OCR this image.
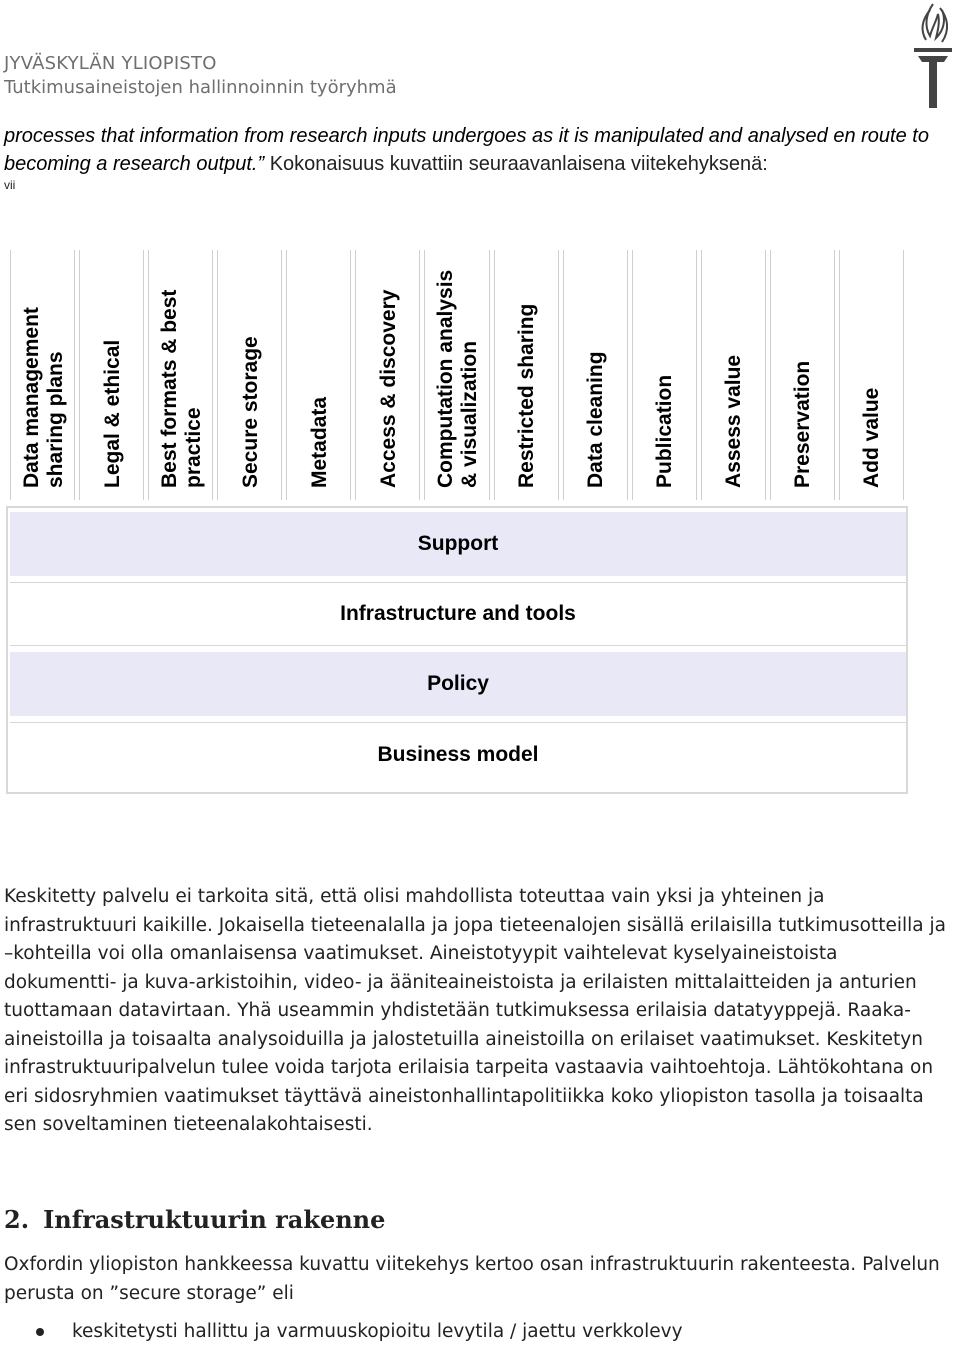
JYVÄSKYLÄN YLIOPISTO
Tutkimusaineistojen hallinnoinnin työryhmä
processes that information from research inputs undergoes as it is manipulated and analysed en route to becoming a research output.” Kokonaisuus kuvattiin seuraavanlaisena viitekehyksenä:
vii
Data management sharing plans Legal & ethical Best formats & best practice Secure storage Metadata Access & discovery Computation analysis & visualization Restricted sharing Data cleaning Publication Assess value Preservation Add value
Support
Infrastructure and tools
Policy
Business model
Keskitetty palvelu ei tarkoita sitä, että olisi mahdollista toteuttaa vain yksi ja yhteinen ja infrastruktuuri kaikille. Jokaisella tieteenalalla ja jopa tieteenalojen sisällä erilaisilla tutkimusotteilla ja –kohteilla voi olla omanlaisensa vaatimukset. Aineistotyypit vaihtelevat kyselyaineistoista dokumentti- ja kuva-arkistoihin, video- ja ääniteaineistoista ja erilaisten mittalaitteiden ja anturien tuottamaan datavirtaan. Yhä useammin yhdistetään tutkimuksessa erilaisia datatyyppejä. Raaka-aineistoilla ja toisaalta analysoiduilla ja jalostetuilla aineistoilla on erilaiset vaatimukset. Keskitetyn infrastruktuuripalvelun tulee voida tarjota erilaisia tarpeita vastaavia vaihtoehtoja. Lähtökohtana on eri sidosryhmien vaatimukset täyttävä aineistonhallintapolitiikka koko yliopiston tasolla ja toisaalta sen soveltaminen tieteenalakohtaisesti.
2. Infrastruktuurin rakenne
Oxfordin yliopiston hankkeessa kuvattu viitekehys kertoo osan infrastruktuurin rakenteesta. Palvelun perusta on ”secure storage” eli
keskitetysti hallittu ja varmuuskopioitu levytila / jaettu verkkolevy
